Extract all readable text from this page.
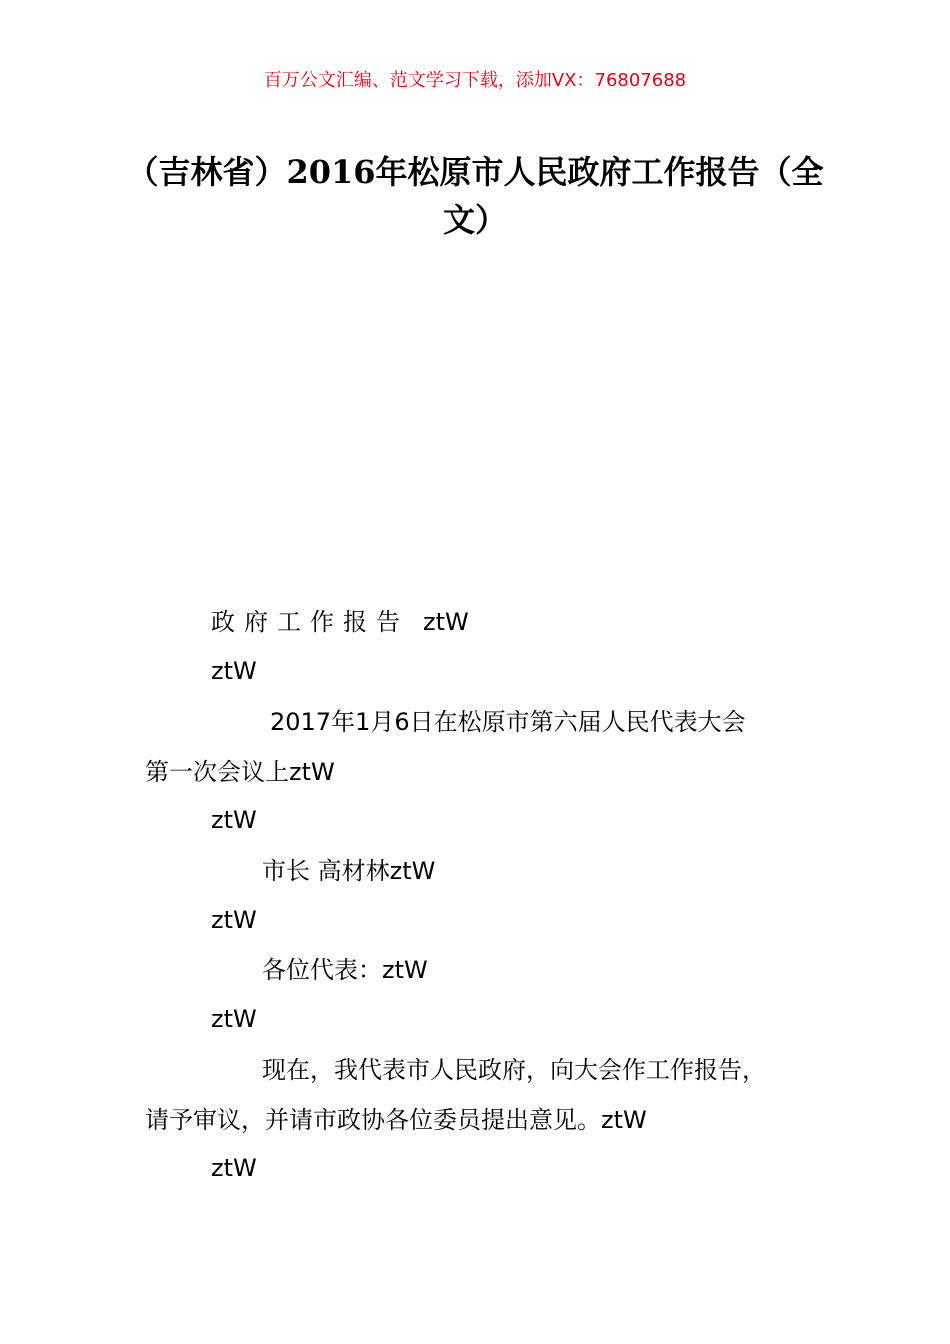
百万公文汇编、范文学习下载，添加VX：76807688
（吉林省）2016年松原市人民政府工作报告（全文）
政府工作报告 ztW

ztW

2017年1月6日在松原市第六届人民代表大会

第一次会议上ztW

ztW

市长 高材林ztW

ztW

各位代表：ztW

ztW

现在，我代表市人民政府，向大会作工作报告，

请予审议，并请市政协各位委员提出意见。ztW

ztW
